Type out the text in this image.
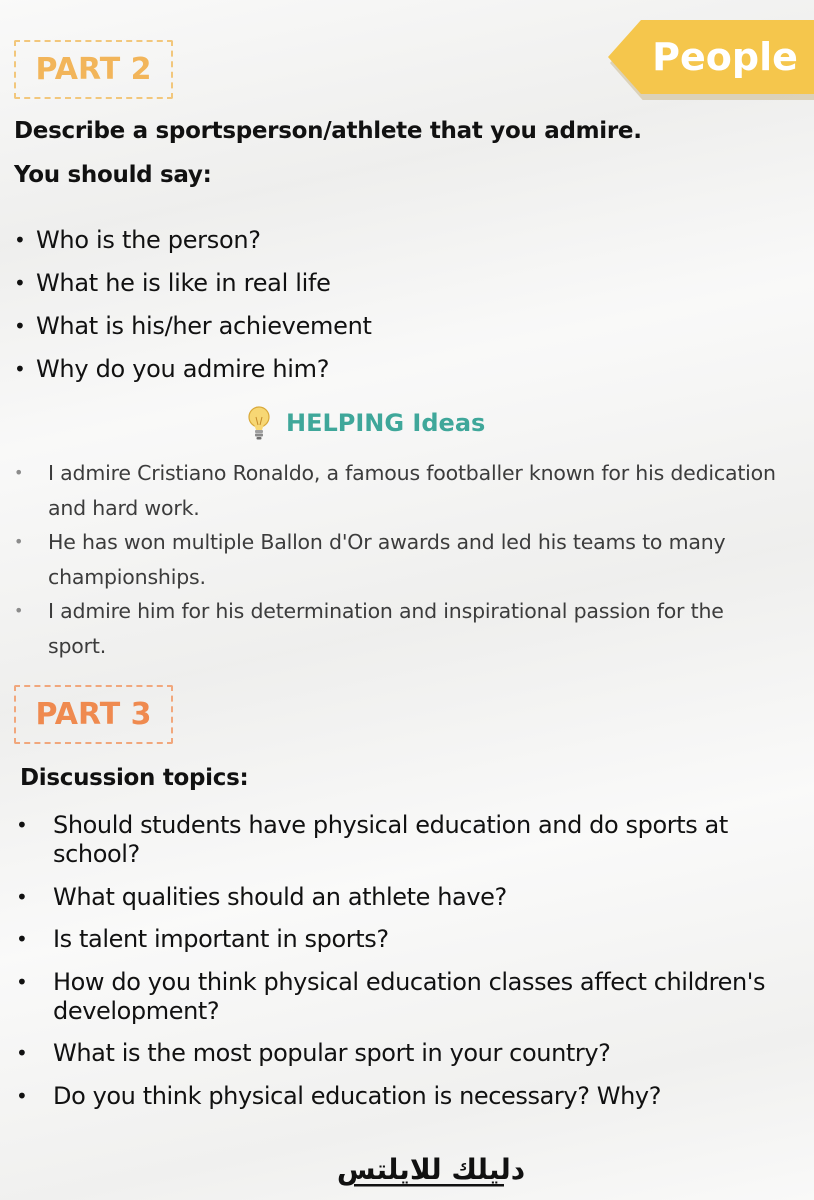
PART 2	People
Describe a sportsperson/athlete that you admire.
You should say:
• Who is the person?
• What he is like in real life
• What is his/her achievement
• Why do you admire him?
HELPING Ideas
• I admire Cristiano Ronaldo, a famous footballer known for his dedication and hard work.
• He has won multiple Ballon d'Or awards and led his teams to many championships.
• I admire him for his determination and inspirational passion for the sport.
PART 3
Discussion topics:
• Should students have physical education and do sports at school?
• What qualities should an athlete have?
• Is talent important in sports?
• How do you think physical education classes affect children's development?
• What is the most popular sport in your country?
• Do you think physical education is necessary? Why?
دليلك للايلتس
